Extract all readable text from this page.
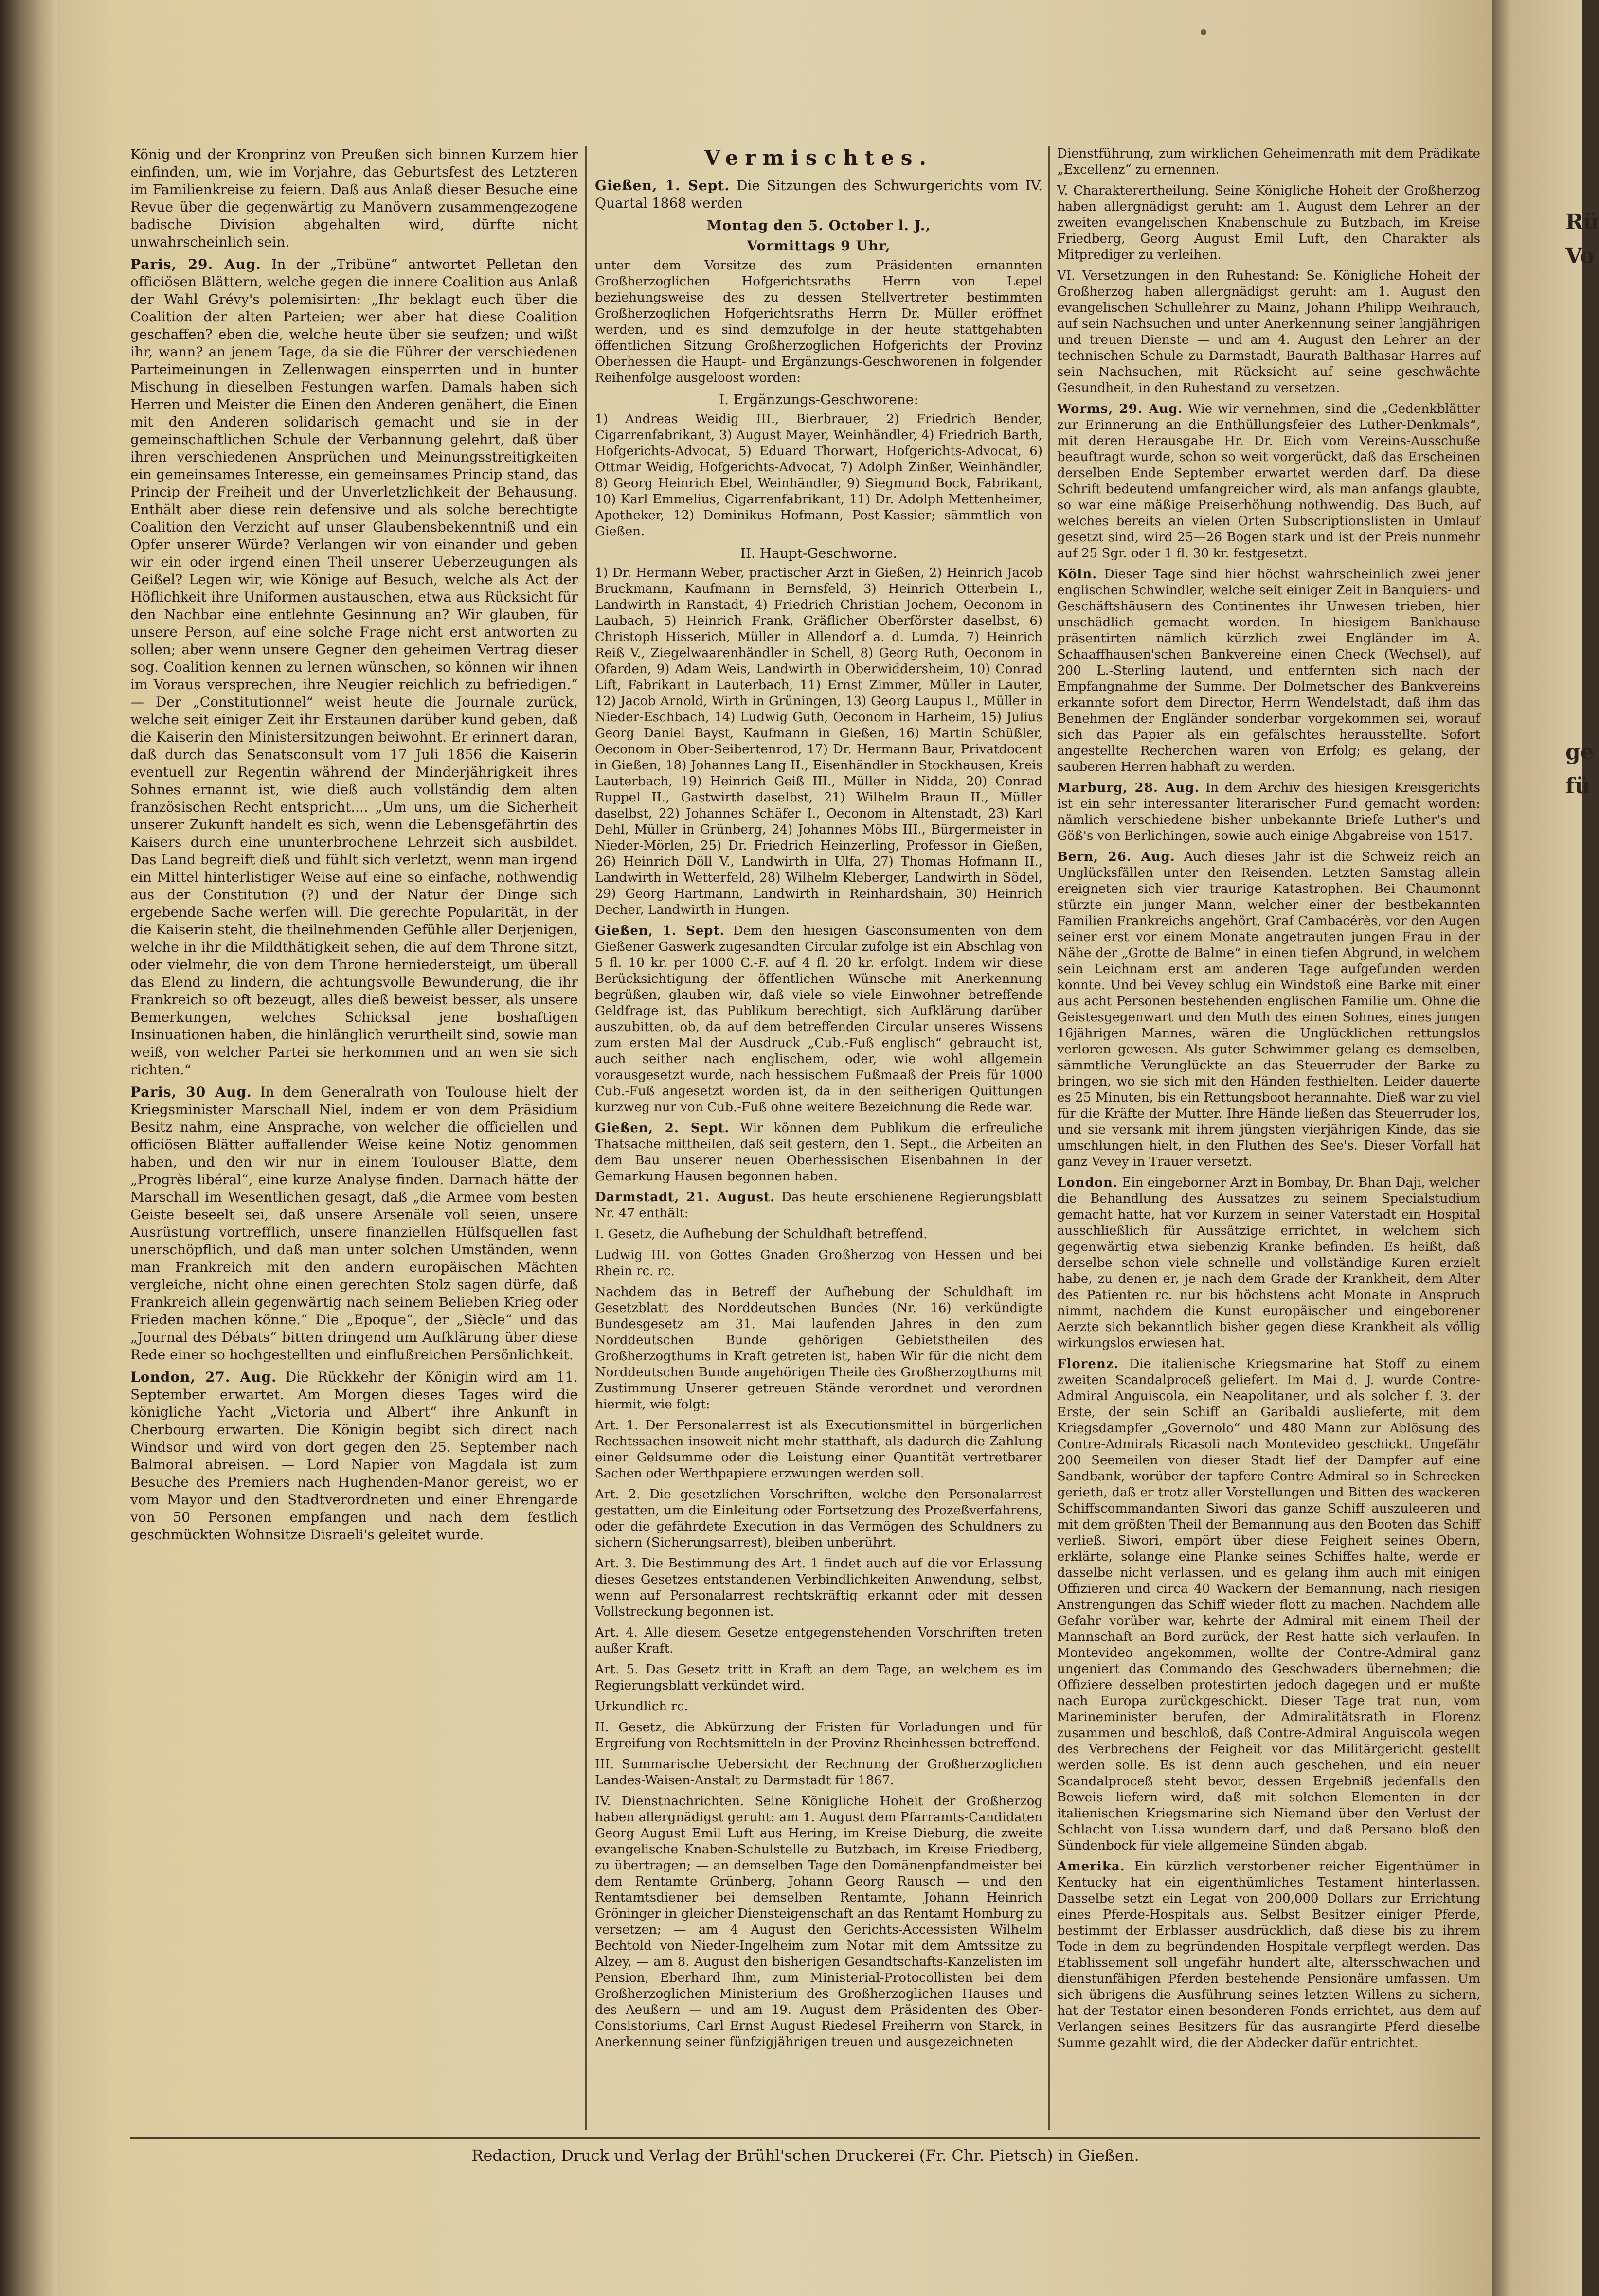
König und der Kronprinz von Preußen sich binnen Kurzem hier einfinden, um, wie im Vorjahre, das Geburtsfest des Letzteren im Familienkreise zu feiern. Daß aus Anlaß dieser Besuche eine Revue über die gegenwärtig zu Manövern zusammengezogene badische Division abgehalten wird, dürfte nicht unwahrscheinlich sein.

Paris, 29. Aug. In der „Tribüne“ antwortet Pelletan den officiösen Blättern, welche gegen die innere Coalition aus Anlaß der Wahl Grévy's polemisirten: „Ihr beklagt euch über die Coalition der alten Parteien; wer aber hat diese Coalition geschaffen? eben die, welche heute über sie seufzen; und wißt ihr, wann? an jenem Tage, da sie die Führer der verschiedenen Parteimeinungen in Zellenwagen einsperrten und in bunter Mischung in dieselben Festungen warfen. Damals haben sich Herren und Meister die Einen den Anderen genähert, die Einen mit den Anderen solidarisch gemacht und sie in der gemeinschaftlichen Schule der Verbannung gelehrt, daß über ihren verschiedenen Ansprüchen und Meinungsstreitigkeiten ein gemeinsames Interesse, ein gemeinsames Princip stand, das Princip der Freiheit und der Unverletzlichkeit der Behausung. Enthält aber diese rein defensive und als solche berechtigte Coalition den Verzicht auf unser Glaubensbekenntniß und ein Opfer unserer Würde? Verlangen wir von einander und geben wir ein oder irgend einen Theil unserer Ueberzeugungen als Geißel? Legen wir, wie Könige auf Besuch, welche als Act der Höflichkeit ihre Uniformen austauschen, etwa aus Rücksicht für den Nachbar eine entlehnte Gesinnung an? Wir glauben, für unsere Person, auf eine solche Frage nicht erst antworten zu sollen; aber wenn unsere Gegner den geheimen Vertrag dieser sog. Coalition kennen zu lernen wünschen, so können wir ihnen im Voraus versprechen, ihre Neugier reichlich zu befriedigen.“ — Der „Constitutionnel“ weist heute die Journale zurück, welche seit einiger Zeit ihr Erstaunen darüber kund geben, daß die Kaiserin den Ministersitzungen beiwohnt. Er erinnert daran, daß durch das Senatsconsult vom 17 Juli 1856 die Kaiserin eventuell zur Regentin während der Minderjährigkeit ihres Sohnes ernannt ist, wie dieß auch vollständig dem alten französischen Recht entspricht.... „Um uns, um die Sicherheit unserer Zukunft handelt es sich, wenn die Lebensgefährtin des Kaisers durch eine ununterbrochene Lehrzeit sich ausbildet. Das Land begreift dieß und fühlt sich verletzt, wenn man irgend ein Mittel hinterlistiger Weise auf eine so einfache, nothwendig aus der Constitution (?) und der Natur der Dinge sich ergebende Sache werfen will. Die gerechte Popularität, in der die Kaiserin steht, die theilnehmenden Gefühle aller Derjenigen, welche in ihr die Mildthätigkeit sehen, die auf dem Throne sitzt, oder vielmehr, die von dem Throne herniedersteigt, um überall das Elend zu lindern, die achtungsvolle Bewunderung, die ihr Frankreich so oft bezeugt, alles dieß beweist besser, als unsere Bemerkungen, welches Schicksal jene boshaftigen Insinuationen haben, die hinlänglich verurtheilt sind, sowie man weiß, von welcher Partei sie herkommen und an wen sie sich richten.“

Paris, 30 Aug. In dem Generalrath von Toulouse hielt der Kriegsminister Marschall Niel, indem er von dem Präsidium Besitz nahm, eine Ansprache, von welcher die officiellen und officiösen Blätter auffallender Weise keine Notiz genommen haben, und den wir nur in einem Toulouser Blatte, dem „Progrès libéral“, eine kurze Analyse finden. Darnach hätte der Marschall im Wesentlichen gesagt, daß „die Armee vom besten Geiste beseelt sei, daß unsere Arsenäle voll seien, unsere Ausrüstung vortrefflich, unsere finanziellen Hülfsquellen fast unerschöpflich, und daß man unter solchen Umständen, wenn man Frankreich mit den andern europäischen Mächten vergleiche, nicht ohne einen gerechten Stolz sagen dürfe, daß Frankreich allein gegenwärtig nach seinem Belieben Krieg oder Frieden machen könne.“ Die „Epoque“, der „Siècle“ und das „Journal des Débats“ bitten dringend um Aufklärung über diese Rede einer so hochgestellten und einflußreichen Persönlichkeit.

London, 27. Aug. Die Rückkehr der Königin wird am 11. September erwartet. Am Morgen dieses Tages wird die königliche Yacht „Victoria und Albert“ ihre Ankunft in Cherbourg erwarten. Die Königin begibt sich direct nach Windsor und wird von dort gegen den 25. September nach Balmoral abreisen. — Lord Napier von Magdala ist zum Besuche des Premiers nach Hughenden-Manor gereist, wo er vom Mayor und den Stadtverordneten und einer Ehrengarde von 50 Personen empfangen und nach dem festlich geschmückten Wohnsitze Disraeli's geleitet wurde.

Vermischtes.

Gießen, 1. Sept. Die Sitzungen des Schwurgerichts vom IV. Quartal 1868 werden

Montag den 5. October l. J.,

Vormittags 9 Uhr,

unter dem Vorsitze des zum Präsidenten ernannten Großherzoglichen Hofgerichtsraths Herrn von Lepel beziehungsweise des zu dessen Stellvertreter bestimmten Großherzoglichen Hofgerichtsraths Herrn Dr. Müller eröffnet werden, und es sind demzufolge in der heute stattgehabten öffentlichen Sitzung Großherzoglichen Hofgerichts der Provinz Oberhessen die Haupt- und Ergänzungs-Geschworenen in folgender Reihenfolge ausgeloost worden:

I. Ergänzungs-Geschworene:

1) Andreas Weidig III., Bierbrauer, 2) Friedrich Bender, Cigarrenfabrikant, 3) August Mayer, Weinhändler, 4) Friedrich Barth, Hofgerichts-Advocat, 5) Eduard Thorwart, Hofgerichts-Advocat, 6) Ottmar Weidig, Hofgerichts-Advocat, 7) Adolph Zinßer, Weinhändler, 8) Georg Heinrich Ebel, Weinhändler, 9) Siegmund Bock, Fabrikant, 10) Karl Emmelius, Cigarrenfabrikant, 11) Dr. Adolph Mettenheimer, Apotheker, 12) Dominikus Hofmann, Post-Kassier; sämmtlich von Gießen.

II. Haupt-Geschworne.

1) Dr. Hermann Weber, practischer Arzt in Gießen, 2) Heinrich Jacob Bruckmann, Kaufmann in Bernsfeld, 3) Heinrich Otterbein I., Landwirth in Ranstadt, 4) Friedrich Christian Jochem, Oeconom in Laubach, 5) Heinrich Frank, Gräflicher Oberförster daselbst, 6) Christoph Hisserich, Müller in Allendorf a. d. Lumda, 7) Heinrich Reiß V., Ziegelwaarenhändler in Schell, 8) Georg Ruth, Oeconom in Ofarden, 9) Adam Weis, Landwirth in Oberwiddersheim, 10) Conrad Lift, Fabrikant in Lauterbach, 11) Ernst Zimmer, Müller in Lauter, 12) Jacob Arnold, Wirth in Grüningen, 13) Georg Laupus I., Müller in Nieder-Eschbach, 14) Ludwig Guth, Oeconom in Harheim, 15) Julius Georg Daniel Bayst, Kaufmann in Gießen, 16) Martin Schüßler, Oeconom in Ober-Seibertenrod, 17) Dr. Hermann Baur, Privatdocent in Gießen, 18) Johannes Lang II., Eisenhändler in Stockhausen, Kreis Lauterbach, 19) Heinrich Geiß III., Müller in Nidda, 20) Conrad Ruppel II., Gastwirth daselbst, 21) Wilhelm Braun II., Müller daselbst, 22) Johannes Schäfer I., Oeconom in Altenstadt, 23) Karl Dehl, Müller in Grünberg, 24) Johannes Möbs III., Bürgermeister in Nieder-Mörlen, 25) Dr. Friedrich Heinzerling, Professor in Gießen, 26) Heinrich Döll V., Landwirth in Ulfa, 27) Thomas Hofmann II., Landwirth in Wetterfeld, 28) Wilhelm Kleberger, Landwirth in Södel, 29) Georg Hartmann, Landwirth in Reinhardshain, 30) Heinrich Decher, Landwirth in Hungen.

Gießen, 1. Sept. Dem den hiesigen Gasconsumenten von dem Gießener Gaswerk zugesandten Circular zufolge ist ein Abschlag von 5 fl. 10 kr. per 1000 C.-F. auf 4 fl. 20 kr. erfolgt. Indem wir diese Berücksichtigung der öffentlichen Wünsche mit Anerkennung begrüßen, glauben wir, daß viele so viele Einwohner betreffende Geldfrage ist, das Publikum berechtigt, sich Aufklärung darüber auszubitten, ob, da auf dem betreffenden Circular unseres Wissens zum ersten Mal der Ausdruck „Cub.-Fuß englisch“ gebraucht ist, auch seither nach englischem, oder, wie wohl allgemein vorausgesetzt wurde, nach hessischem Fußmaaß der Preis für 1000 Cub.-Fuß angesetzt worden ist, da in den seitherigen Quittungen kurzweg nur von Cub.-Fuß ohne weitere Bezeichnung die Rede war.

Gießen, 2. Sept. Wir können dem Publikum die erfreuliche Thatsache mittheilen, daß seit gestern, den 1. Sept., die Arbeiten an dem Bau unserer neuen Oberhessischen Eisenbahnen in der Gemarkung Hausen begonnen haben.

Darmstadt, 21. August. Das heute erschienene Regierungsblatt Nr. 47 enthält:

I. Gesetz, die Aufhebung der Schuldhaft betreffend.

Ludwig III. von Gottes Gnaden Großherzog von Hessen und bei Rhein rc. rc.

Nachdem das in Betreff der Aufhebung der Schuldhaft im Gesetzblatt des Norddeutschen Bundes (Nr. 16) verkündigte Bundesgesetz am 31. Mai laufenden Jahres in den zum Norddeutschen Bunde gehörigen Gebietstheilen des Großherzogthums in Kraft getreten ist, haben Wir für die nicht dem Norddeutschen Bunde angehörigen Theile des Großherzogthums mit Zustimmung Unserer getreuen Stände verordnet und verordnen hiermit, wie folgt:

Art. 1. Der Personalarrest ist als Executionsmittel in bürgerlichen Rechtssachen insoweit nicht mehr statthaft, als dadurch die Zahlung einer Geldsumme oder die Leistung einer Quantität vertretbarer Sachen oder Werthpapiere erzwungen werden soll.

Art. 2. Die gesetzlichen Vorschriften, welche den Personalarrest gestatten, um die Einleitung oder Fortsetzung des Prozeßverfahrens, oder die gefährdete Execution in das Vermögen des Schuldners zu sichern (Sicherungsarrest), bleiben unberührt.

Art. 3. Die Bestimmung des Art. 1 findet auch auf die vor Erlassung dieses Gesetzes entstandenen Verbindlichkeiten Anwendung, selbst, wenn auf Personalarrest rechtskräftig erkannt oder mit dessen Vollstreckung begonnen ist.

Art. 4. Alle diesem Gesetze entgegenstehenden Vorschriften treten außer Kraft.

Art. 5. Das Gesetz tritt in Kraft an dem Tage, an welchem es im Regierungsblatt verkündet wird.

Urkundlich rc.

II. Gesetz, die Abkürzung der Fristen für Vorladungen und für Ergreifung von Rechtsmitteln in der Provinz Rheinhessen betreffend.

III. Summarische Uebersicht der Rechnung der Großherzoglichen Landes-Waisen-Anstalt zu Darmstadt für 1867.

IV. Dienstnachrichten. Seine Königliche Hoheit der Großherzog haben allergnädigst geruht: am 1. August dem Pfarramts-Candidaten Georg August Emil Luft aus Hering, im Kreise Dieburg, die zweite evangelische Knaben-Schulstelle zu Butzbach, im Kreise Friedberg, zu übertragen; — an demselben Tage den Domänenpfandmeister bei dem Rentamte Grünberg, Johann Georg Rausch — und den Rentamtsdiener bei demselben Rentamte, Johann Heinrich Gröninger in gleicher Diensteigenschaft an das Rentamt Homburg zu versetzen; — am 4 August den Gerichts-Accessisten Wilhelm Bechtold von Nieder-Ingelheim zum Notar mit dem Amtssitze zu Alzey, — am 8. August den bisherigen Gesandtschafts-Kanzelisten im Pension, Eberhard Ihm, zum Ministerial-Protocollisten bei dem Großherzoglichen Ministerium des Großherzoglichen Hauses und des Aeußern — und am 19. August dem Präsidenten des Ober-Consistoriums, Carl Ernst August Riedesel Freiherrn von Starck, in Anerkennung seiner fünfzigjährigen treuen und ausgezeichneten

Dienstführung, zum wirklichen Geheimenrath mit dem Prädikate „Excellenz“ zu ernennen.

V. Charakterertheilung. Seine Königliche Hoheit der Großherzog haben allergnädigst geruht: am 1. August dem Lehrer an der zweiten evangelischen Knabenschule zu Butzbach, im Kreise Friedberg, Georg August Emil Luft, den Charakter als Mitprediger zu verleihen.

VI. Versetzungen in den Ruhestand: Se. Königliche Hoheit der Großherzog haben allergnädigst geruht: am 1. August den evangelischen Schullehrer zu Mainz, Johann Philipp Weihrauch, auf sein Nachsuchen und unter Anerkennung seiner langjährigen und treuen Dienste — und am 4. August den Lehrer an der technischen Schule zu Darmstadt, Baurath Balthasar Harres auf sein Nachsuchen, mit Rücksicht auf seine geschwächte Gesundheit, in den Ruhestand zu versetzen.

Worms, 29. Aug. Wie wir vernehmen, sind die „Gedenkblätter zur Erinnerung an die Enthüllungsfeier des Luther-Denkmals“, mit deren Herausgabe Hr. Dr. Eich vom Vereins-Ausschuße beauftragt wurde, schon so weit vorgerückt, daß das Erscheinen derselben Ende September erwartet werden darf. Da diese Schrift bedeutend umfangreicher wird, als man anfangs glaubte, so war eine mäßige Preiserhöhung nothwendig. Das Buch, auf welches bereits an vielen Orten Subscriptionslisten in Umlauf gesetzt sind, wird 25—26 Bogen stark und ist der Preis nunmehr auf 25 Sgr. oder 1 fl. 30 kr. festgesetzt.

Köln. Dieser Tage sind hier höchst wahrscheinlich zwei jener englischen Schwindler, welche seit einiger Zeit in Banquiers- und Geschäftshäusern des Continentes ihr Unwesen trieben, hier unschädlich gemacht worden. In hiesigem Bankhause präsentirten nämlich kürzlich zwei Engländer im A. Schaaffhausen'schen Bankvereine einen Check (Wechsel), auf 200 L.-Sterling lautend, und entfernten sich nach der Empfangnahme der Summe. Der Dolmetscher des Bankvereins erkannte sofort dem Director, Herrn Wendelstadt, daß ihm das Benehmen der Engländer sonderbar vorgekommen sei, worauf sich das Papier als ein gefälschtes herausstellte. Sofort angestellte Recherchen waren von Erfolg; es gelang, der sauberen Herren habhaft zu werden.

Marburg, 28. Aug. In dem Archiv des hiesigen Kreisgerichts ist ein sehr interessanter literarischer Fund gemacht worden: nämlich verschiedene bisher unbekannte Briefe Luther's und Göß's von Berlichingen, sowie auch einige Abgabreise von 1517.

Bern, 26. Aug. Auch dieses Jahr ist die Schweiz reich an Unglücksfällen unter den Reisenden. Letzten Samstag allein ereigneten sich vier traurige Katastrophen. Bei Chaumonnt stürzte ein junger Mann, welcher einer der bestbekannten Familien Frankreichs angehört, Graf Cambacérès, vor den Augen seiner erst vor einem Monate angetrauten jungen Frau in der Nähe der „Grotte de Balme“ in einen tiefen Abgrund, in welchem sein Leichnam erst am anderen Tage aufgefunden werden konnte. Und bei Vevey schlug ein Windstoß eine Barke mit einer aus acht Personen bestehenden englischen Familie um. Ohne die Geistesgegenwart und den Muth des einen Sohnes, eines jungen 16jährigen Mannes, wären die Unglücklichen rettungslos verloren gewesen. Als guter Schwimmer gelang es demselben, sämmtliche Verunglückte an das Steuerruder der Barke zu bringen, wo sie sich mit den Händen festhielten. Leider dauerte es 25 Minuten, bis ein Rettungsboot herannahte. Dieß war zu viel für die Kräfte der Mutter. Ihre Hände ließen das Steuerruder los, und sie versank mit ihrem jüngsten vierjährigen Kinde, das sie umschlungen hielt, in den Fluthen des See's. Dieser Vorfall hat ganz Vevey in Trauer versetzt.

London. Ein eingeborner Arzt in Bombay, Dr. Bhan Daji, welcher die Behandlung des Aussatzes zu seinem Specialstudium gemacht hatte, hat vor Kurzem in seiner Vaterstadt ein Hospital ausschließlich für Aussätzige errichtet, in welchem sich gegenwärtig etwa siebenzig Kranke befinden. Es heißt, daß derselbe schon viele schnelle und vollständige Kuren erzielt habe, zu denen er, je nach dem Grade der Krankheit, dem Alter des Patienten rc. nur bis höchstens acht Monate in Anspruch nimmt, nachdem die Kunst europäischer und eingeborener Aerzte sich bekanntlich bisher gegen diese Krankheit als völlig wirkungslos erwiesen hat.

Florenz. Die italienische Kriegsmarine hat Stoff zu einem zweiten Scandalproceß geliefert. Im Mai d. J. wurde Contre-Admiral Anguiscola, ein Neapolitaner, und als solcher f. 3. der Erste, der sein Schiff an Garibaldi auslieferte, mit dem Kriegsdampfer „Governolo“ und 480 Mann zur Ablösung des Contre-Admirals Ricasoli nach Montevideo geschickt. Ungefähr 200 Seemeilen von dieser Stadt lief der Dampfer auf eine Sandbank, worüber der tapfere Contre-Admiral so in Schrecken gerieth, daß er trotz aller Vorstellungen und Bitten des wackeren Schiffscommandanten Siwori das ganze Schiff auszuleeren und mit dem größten Theil der Bemannung aus den Booten das Schiff verließ. Siwori, empört über diese Feigheit seines Obern, erklärte, solange eine Planke seines Schiffes halte, werde er dasselbe nicht verlassen, und es gelang ihm auch mit einigen Offizieren und circa 40 Wackern der Bemannung, nach riesigen Anstrengungen das Schiff wieder flott zu machen. Nachdem alle Gefahr vorüber war, kehrte der Admiral mit einem Theil der Mannschaft an Bord zurück, der Rest hatte sich verlaufen. In Montevideo angekommen, wollte der Contre-Admiral ganz ungeniert das Commando des Geschwaders übernehmen; die Offiziere desselben protestirten jedoch dagegen und er mußte nach Europa zurückgeschickt. Dieser Tage trat nun, vom Marineminister berufen, der Admiralitätsrath in Florenz zusammen und beschloß, daß Contre-Admiral Anguiscola wegen des Verbrechens der Feigheit vor das Militärgericht gestellt werden solle. Es ist denn auch geschehen, und ein neuer Scandalproceß steht bevor, dessen Ergebniß jedenfalls den Beweis liefern wird, daß mit solchen Elementen in der italienischen Kriegsmarine sich Niemand über den Verlust der Schlacht von Lissa wundern darf, und daß Persano bloß den Sündenbock für viele allgemeine Sünden abgab.

Amerika. Ein kürzlich verstorbener reicher Eigenthümer in Kentucky hat ein eigenthümliches Testament hinterlassen. Dasselbe setzt ein Legat von 200,000 Dollars zur Errichtung eines Pferde-Hospitals aus. Selbst Besitzer einiger Pferde, bestimmt der Erblasser ausdrücklich, daß diese bis zu ihrem Tode in dem zu begründenden Hospitale verpflegt werden. Das Etablissement soll ungefähr hundert alte, altersschwachen und dienstunfähigen Pferden bestehende Pensionäre umfassen. Um sich übrigens die Ausführung seines letzten Willens zu sichern, hat der Testator einen besonderen Fonds errichtet, aus dem auf Verlangen seines Besitzers für das ausrangirte Pferd dieselbe Summe gezahlt wird, die der Abdecker dafür entrichtet.

Redaction, Druck und Verlag der Brühl'schen Druckerei (Fr. Chr. Pietsch) in Gießen.
Rü
Vo
ge
fü
